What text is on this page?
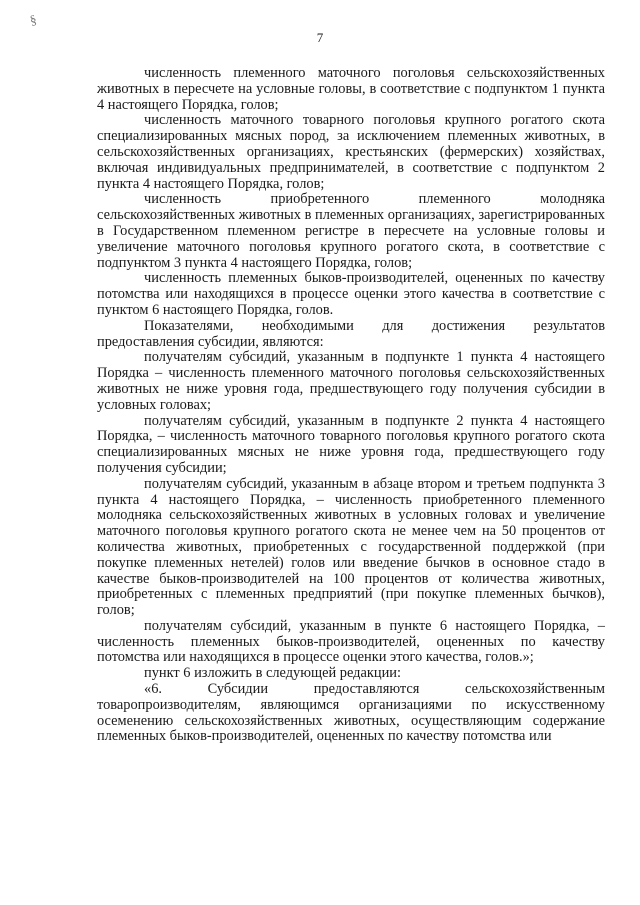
§
7

численность племенного маточного поголовья сельскохозяйственных животных в пересчете на условные головы, в соответствие с подпунктом 1 пункта 4 настоящего Порядка, голов;

численность маточного товарного поголовья крупного рогатого скота специализированных мясных пород, за исключением племенных животных, в сельскохозяйственных организациях, крестьянских (фермерских) хозяйствах, включая индивидуальных предпринимателей, в соответствие с подпунктом 2 пункта 4 настоящего Порядка, голов;

численность приобретенного племенного молодняка сельскохозяйственных животных в племенных организациях, зарегистрированных в Государственном племенном регистре в пересчете на условные головы и увеличение маточного поголовья крупного рогатого скота, в соответствие с подпунктом 3 пункта 4 настоящего Порядка, голов;

численность племенных быков-производителей, оцененных по качеству потомства или находящихся в процессе оценки этого качества в соответствие с пунктом 6 настоящего Порядка, голов.

Показателями, необходимыми для достижения результатов предоставления субсидии, являются:

получателям субсидий, указанным в подпункте 1 пункта 4 настоящего Порядка – численность племенного маточного поголовья сельскохозяйственных животных не ниже уровня года, предшествующего году получения субсидии в условных головах;

получателям субсидий, указанным в подпункте 2 пункта 4 настоящего Порядка, – численность маточного товарного поголовья крупного рогатого скота специализированных мясных не ниже уровня года, предшествующего году получения субсидии;

получателям субсидий, указанным в абзаце втором и третьем подпункта 3 пункта 4 настоящего Порядка, – численность приобретенного племенного молодняка сельскохозяйственных животных в условных головах и увеличение маточного поголовья крупного рогатого скота не менее чем на 50 процентов от количества животных, приобретенных с государственной поддержкой (при покупке племенных нетелей) голов или введение бычков в основное стадо в качестве быков-производителей на 100 процентов от количества животных, приобретенных с племенных предприятий (при покупке племенных бычков), голов;

получателям субсидий, указанным в пункте 6 настоящего Порядка, – численность племенных быков-производителей, оцененных по качеству потомства или находящихся в процессе оценки этого качества, голов.»;

пункт 6 изложить в следующей редакции:

«6. Субсидии предоставляются сельскохозяйственным товаропроизводителям, являющимся организациями по искусственному осеменению сельскохозяйственных животных, осуществляющим содержание племенных быков-производителей, оцененных по качеству потомства или
